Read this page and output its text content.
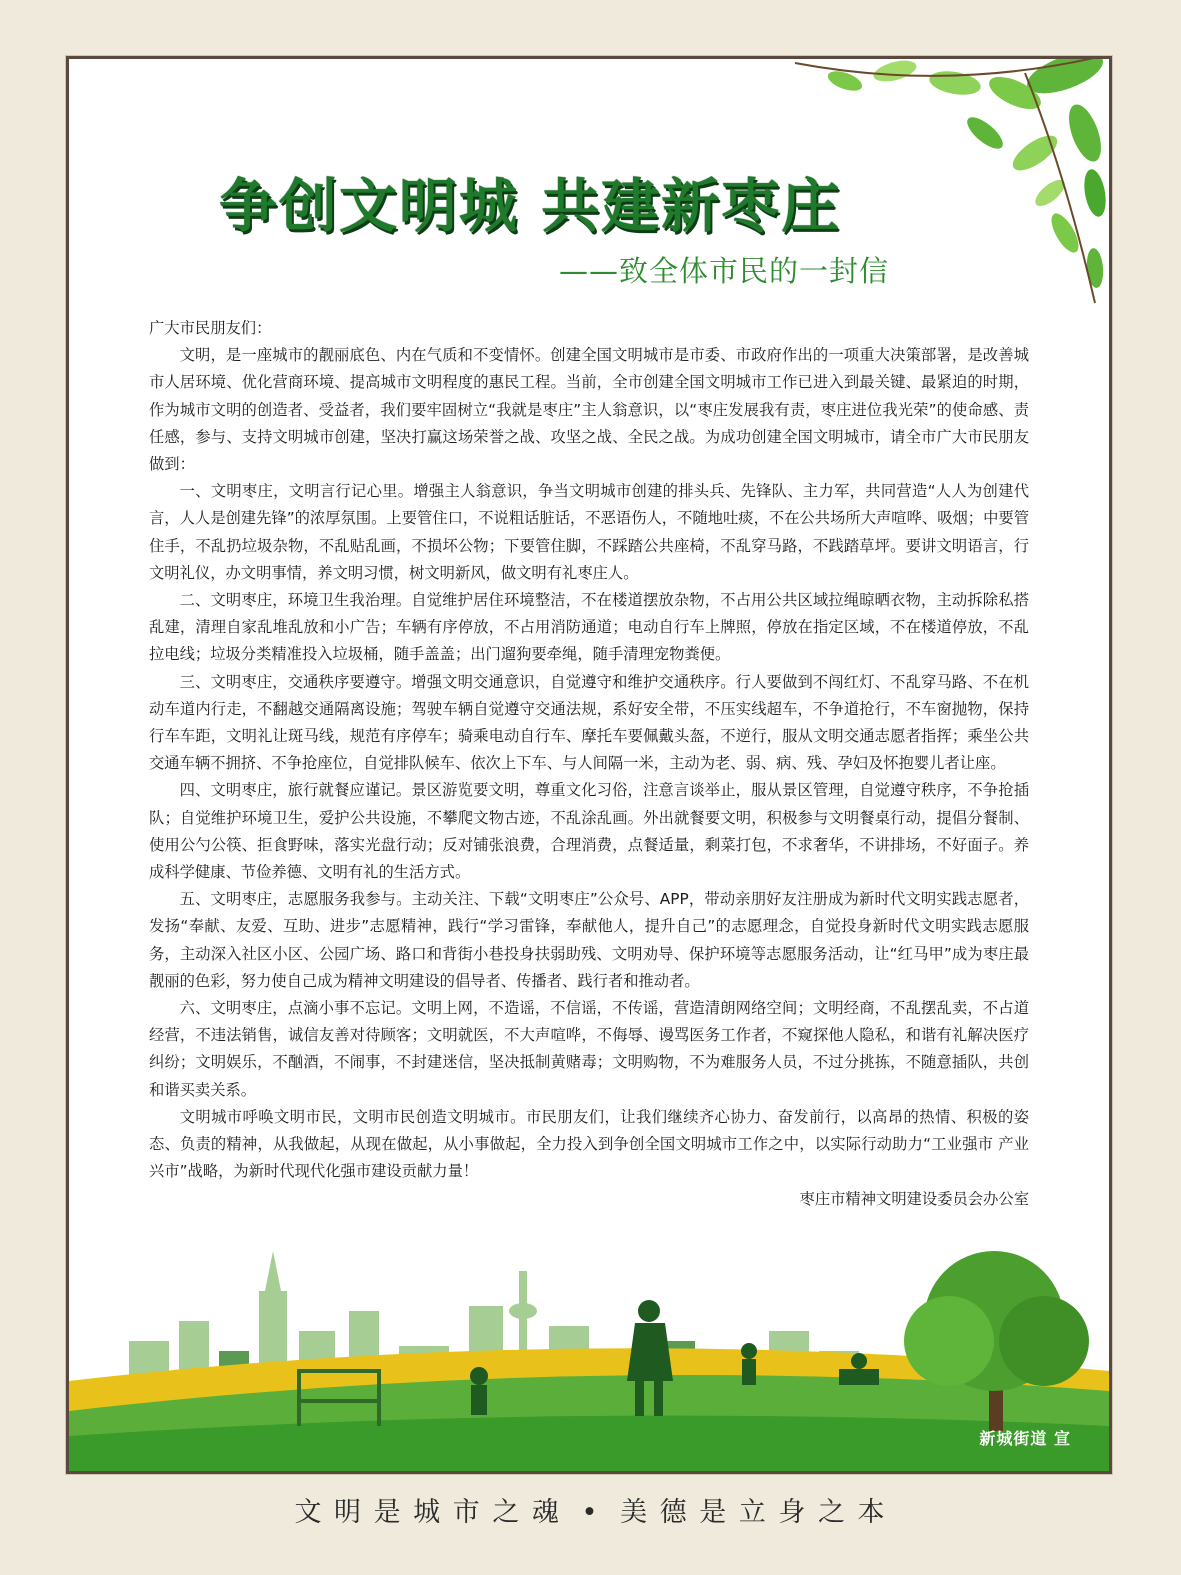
争创文明城 共建新枣庄
——致全体市民的一封信

广大市民朋友们：

文明，是一座城市的靓丽底色、内在气质和不变情怀。创建全国文明城市是市委、市政府作出的一项重大决策部署，是改善城市人居环境、优化营商环境、提高城市文明程度的惠民工程。当前，全市创建全国文明城市工作已进入到最关键、最紧迫的时期，作为城市文明的创造者、受益者，我们要牢固树立“我就是枣庄”主人翁意识，以“枣庄发展我有责，枣庄进位我光荣”的使命感、责任感，参与、支持文明城市创建，坚决打赢这场荣誉之战、攻坚之战、全民之战。为成功创建全国文明城市，请全市广大市民朋友做到：

一、文明枣庄，文明言行记心里。增强主人翁意识，争当文明城市创建的排头兵、先锋队、主力军，共同营造“人人为创建代言，人人是创建先锋”的浓厚氛围。上要管住口，不说粗话脏话，不恶语伤人，不随地吐痰，不在公共场所大声喧哗、吸烟；中要管住手，不乱扔垃圾杂物，不乱贴乱画，不损坏公物；下要管住脚，不踩踏公共座椅，不乱穿马路，不践踏草坪。要讲文明语言，行文明礼仪，办文明事情，养文明习惯，树文明新风，做文明有礼枣庄人。

二、文明枣庄，环境卫生我治理。自觉维护居住环境整洁，不在楼道摆放杂物，不占用公共区域拉绳晾晒衣物，主动拆除私搭乱建，清理自家乱堆乱放和小广告；车辆有序停放，不占用消防通道；电动自行车上牌照，停放在指定区域，不在楼道停放，不乱拉电线；垃圾分类精准投入垃圾桶，随手盖盖；出门遛狗要牵绳，随手清理宠物粪便。

三、文明枣庄，交通秩序要遵守。增强文明交通意识，自觉遵守和维护交通秩序。行人要做到不闯红灯、不乱穿马路、不在机动车道内行走，不翻越交通隔离设施；驾驶车辆自觉遵守交通法规，系好安全带，不压实线超车，不争道抢行，不车窗抛物，保持行车车距，文明礼让斑马线，规范有序停车；骑乘电动自行车、摩托车要佩戴头盔，不逆行，服从文明交通志愿者指挥；乘坐公共交通车辆不拥挤、不争抢座位，自觉排队候车、依次上下车、与人间隔一米，主动为老、弱、病、残、孕妇及怀抱婴儿者让座。

四、文明枣庄，旅行就餐应谨记。景区游览要文明，尊重文化习俗，注意言谈举止，服从景区管理，自觉遵守秩序，不争抢插队；自觉维护环境卫生，爱护公共设施，不攀爬文物古迹，不乱涂乱画。外出就餐要文明，积极参与文明餐桌行动，提倡分餐制、使用公勺公筷、拒食野味，落实光盘行动；反对铺张浪费，合理消费，点餐适量，剩菜打包，不求奢华，不讲排场，不好面子。养成科学健康、节俭养德、文明有礼的生活方式。

五、文明枣庄，志愿服务我参与。主动关注、下载“文明枣庄”公众号、APP，带动亲朋好友注册成为新时代文明实践志愿者，发扬“奉献、友爱、互助、进步”志愿精神，践行“学习雷锋，奉献他人，提升自己”的志愿理念，自觉投身新时代文明实践志愿服务，主动深入社区小区、公园广场、路口和背街小巷投身扶弱助残、文明劝导、保护环境等志愿服务活动，让“红马甲”成为枣庄最靓丽的色彩，努力使自己成为精神文明建设的倡导者、传播者、践行者和推动者。

六、文明枣庄，点滴小事不忘记。文明上网，不造谣，不信谣，不传谣，营造清朗网络空间；文明经商，不乱摆乱卖，不占道经营，不违法销售，诚信友善对待顾客；文明就医，不大声喧哗，不侮辱、谩骂医务工作者，不窥探他人隐私，和谐有礼解决医疗纠纷；文明娱乐，不酗酒，不闹事，不封建迷信，坚决抵制黄赌毒；文明购物，不为难服务人员，不过分挑拣，不随意插队，共创和谐买卖关系。

文明城市呼唤文明市民，文明市民创造文明城市。市民朋友们，让我们继续齐心协力、奋发前行，以高昂的热情、积极的姿态、负责的精神，从我做起，从现在做起，从小事做起，全力投入到争创全国文明城市工作之中，以实际行动助力“工业强市 产业兴市”战略，为新时代现代化强市建设贡献力量！

枣庄市精神文明建设委员会办公室

新城街道 宣
文 明 是 城 市 之 魂 • 美 德 是 立 身 之 本
